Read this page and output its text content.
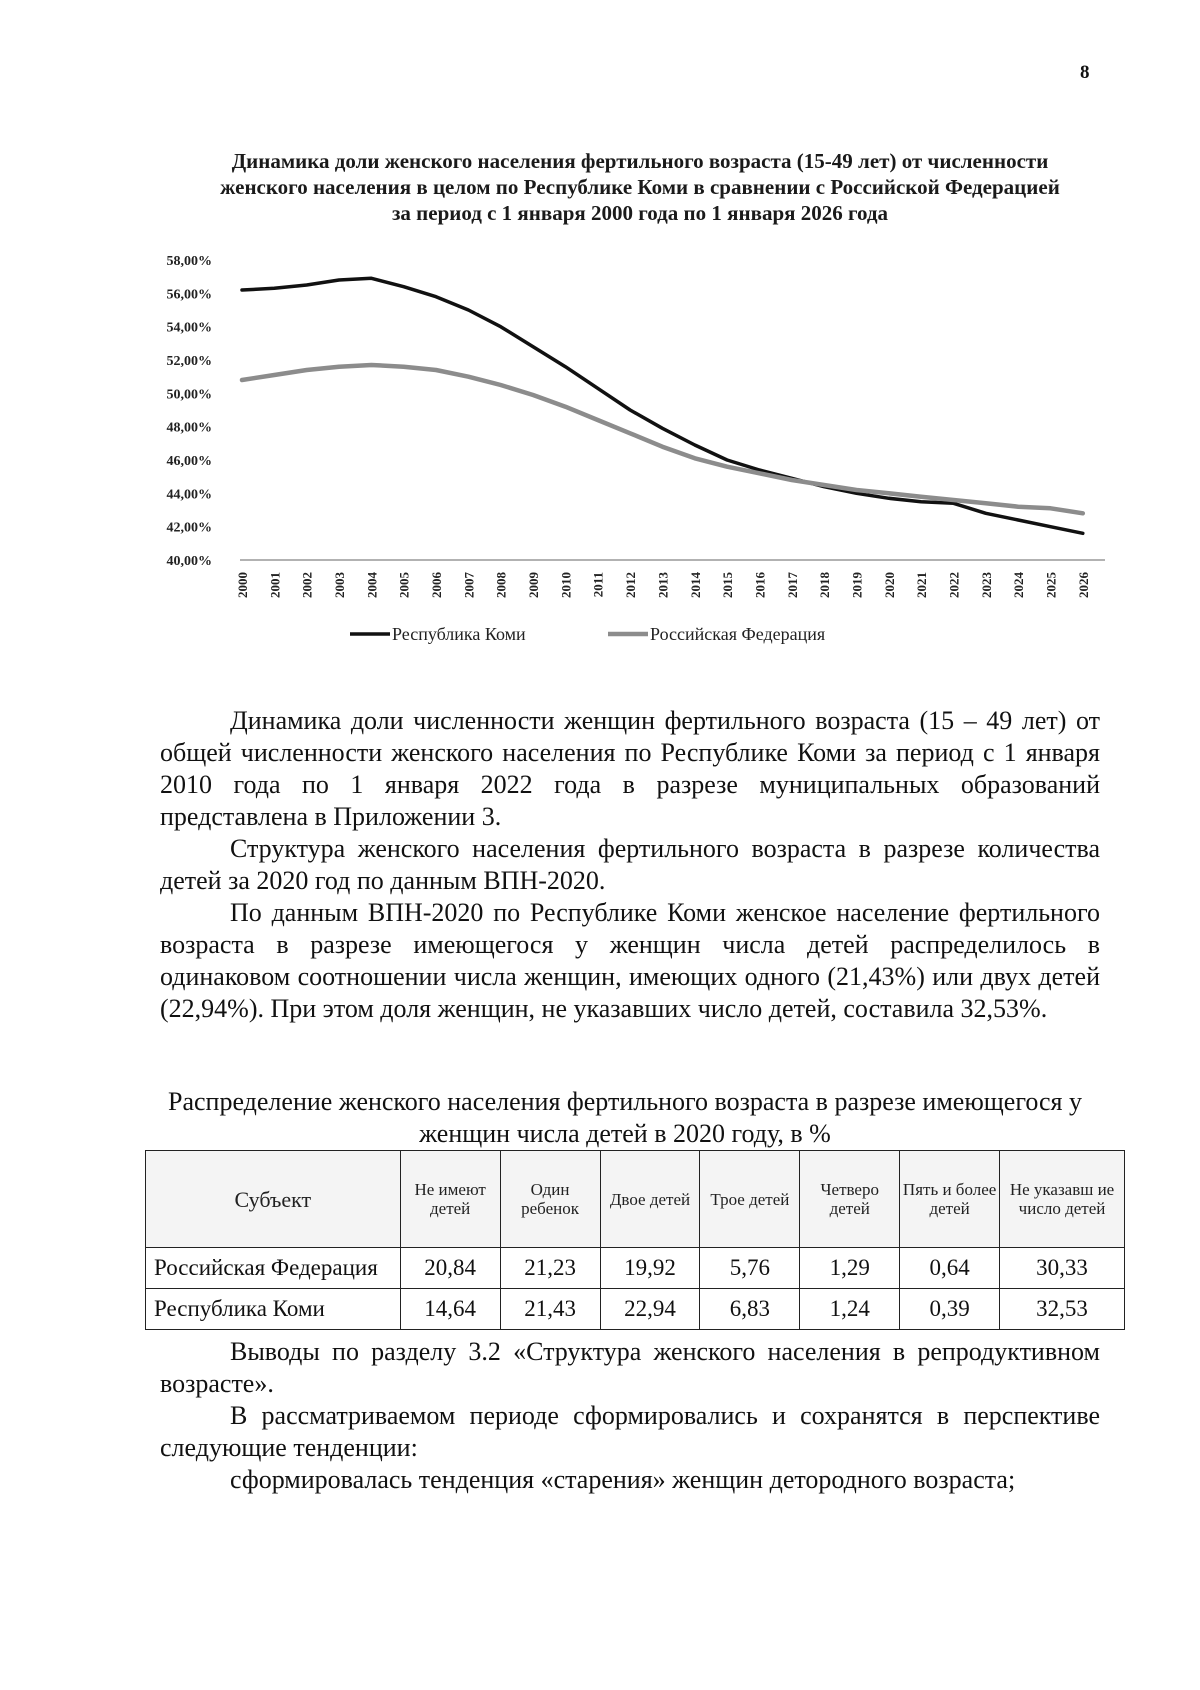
8
Динамика доли женского населения фертильного возраста (15-49 лет) от численности
женского населения в целом по Республике Коми в сравнении с Российской Федерацией
за период с 1 января 2000 года по 1 января 2026 года
40,00%
42,00%
44,00%
46,00%
48,00%
50,00%
52,00%
54,00%
56,00%
58,00%
2000 2001 2002 2003 2004 2005 2006 2007 2008 2009 2010 2011 2012 2013 2014 2015 2016 2017 2018 2019 2020 2021 2022 2023 2024 2025 2026
Республика Коми	Российская Федерация
Динамика доли численности женщин фертильного возраста (15 – 49 лет) от общей численности женского населения по Республике Коми за период с 1 января 2010 года по 1 января 2022 года в разрезе муниципальных образований представлена в Приложении 3.
Структура женского населения фертильного возраста в разрезе количества детей за 2020 год по данным ВПН-2020.
По данным ВПН-2020 по Республике Коми женское население фертильного возраста в разрезе имеющегося у женщин числа детей распределилось в одинаковом соотношении числа женщин, имеющих одного (21,43%) или двух детей (22,94%). При этом доля женщин, не указавших число детей, составила 32,53%.
Распределение женского населения фертильного возраста в разрезе имеющегося у женщин числа детей в 2020 году, в %
Субъект	Не имеют детей	Один ребенок	Двое детей	Трое детей	Четверо детей	Пять и более детей	Не указавш ие число детей
Российская Федерация	20,84	21,23	19,92	5,76	1,29	0,64	30,33
Республика Коми	14,64	21,43	22,94	6,83	1,24	0,39	32,53
Выводы по разделу 3.2 «Структура женского населения в репродуктивном возрасте».
В рассматриваемом периоде сформировались и сохранятся в перспективе следующие тенденции:
сформировалась тенденция «старения» женщин детородного возраста;
